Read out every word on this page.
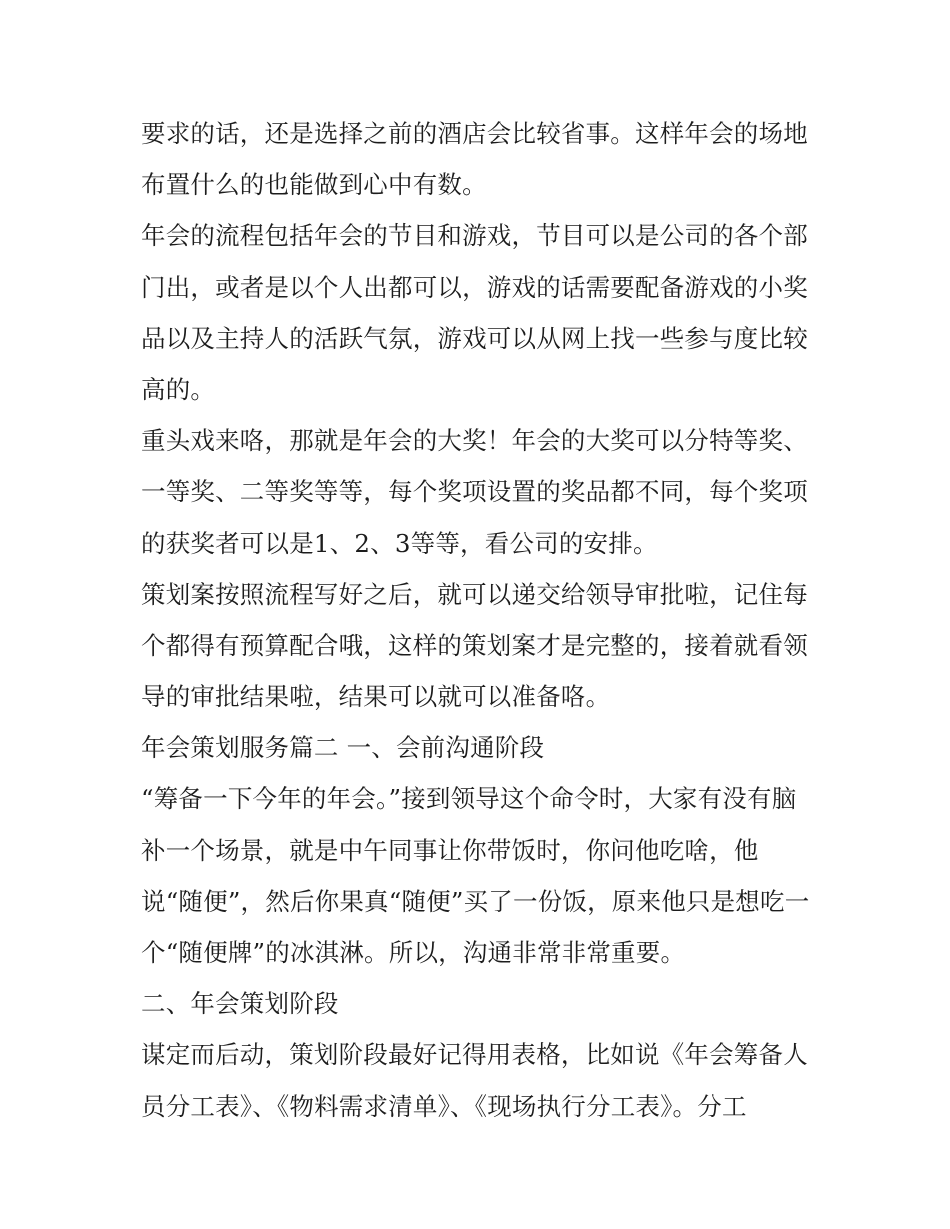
要求的话，还是选择之前的酒店会比较省事。这样年会的场地
布置什么的也能做到心中有数。
年会的流程包括年会的节目和游戏，节目可以是公司的各个部
门出，或者是以个人出都可以，游戏的话需要配备游戏的小奖
品以及主持人的活跃气氛，游戏可以从网上找一些参与度比较
高的。
重头戏来咯，那就是年会的大奖！年会的大奖可以分特等奖、
一等奖、二等奖等等，每个奖项设置的奖品都不同，每个奖项
的获奖者可以是1、2、3等等，看公司的安排。
策划案按照流程写好之后，就可以递交给领导审批啦，记住每
个都得有预算配合哦，这样的策划案才是完整的，接着就看领
导的审批结果啦，结果可以就可以准备咯。
年会策划服务篇二 一、会前沟通阶段
“筹备一下今年的年会。”接到领导这个命令时，大家有没有脑
补一个场景，就是中午同事让你带饭时，你问他吃啥，他
说“随便”，然后你果真“随便”买了一份饭，原来他只是想吃一
个“随便牌”的冰淇淋。所以，沟通非常非常重要。
二、年会策划阶段
谋定而后动，策划阶段最好记得用表格，比如说《年会筹备人
员分工表》、《物料需求清单》、《现场执行分工表》。分工
